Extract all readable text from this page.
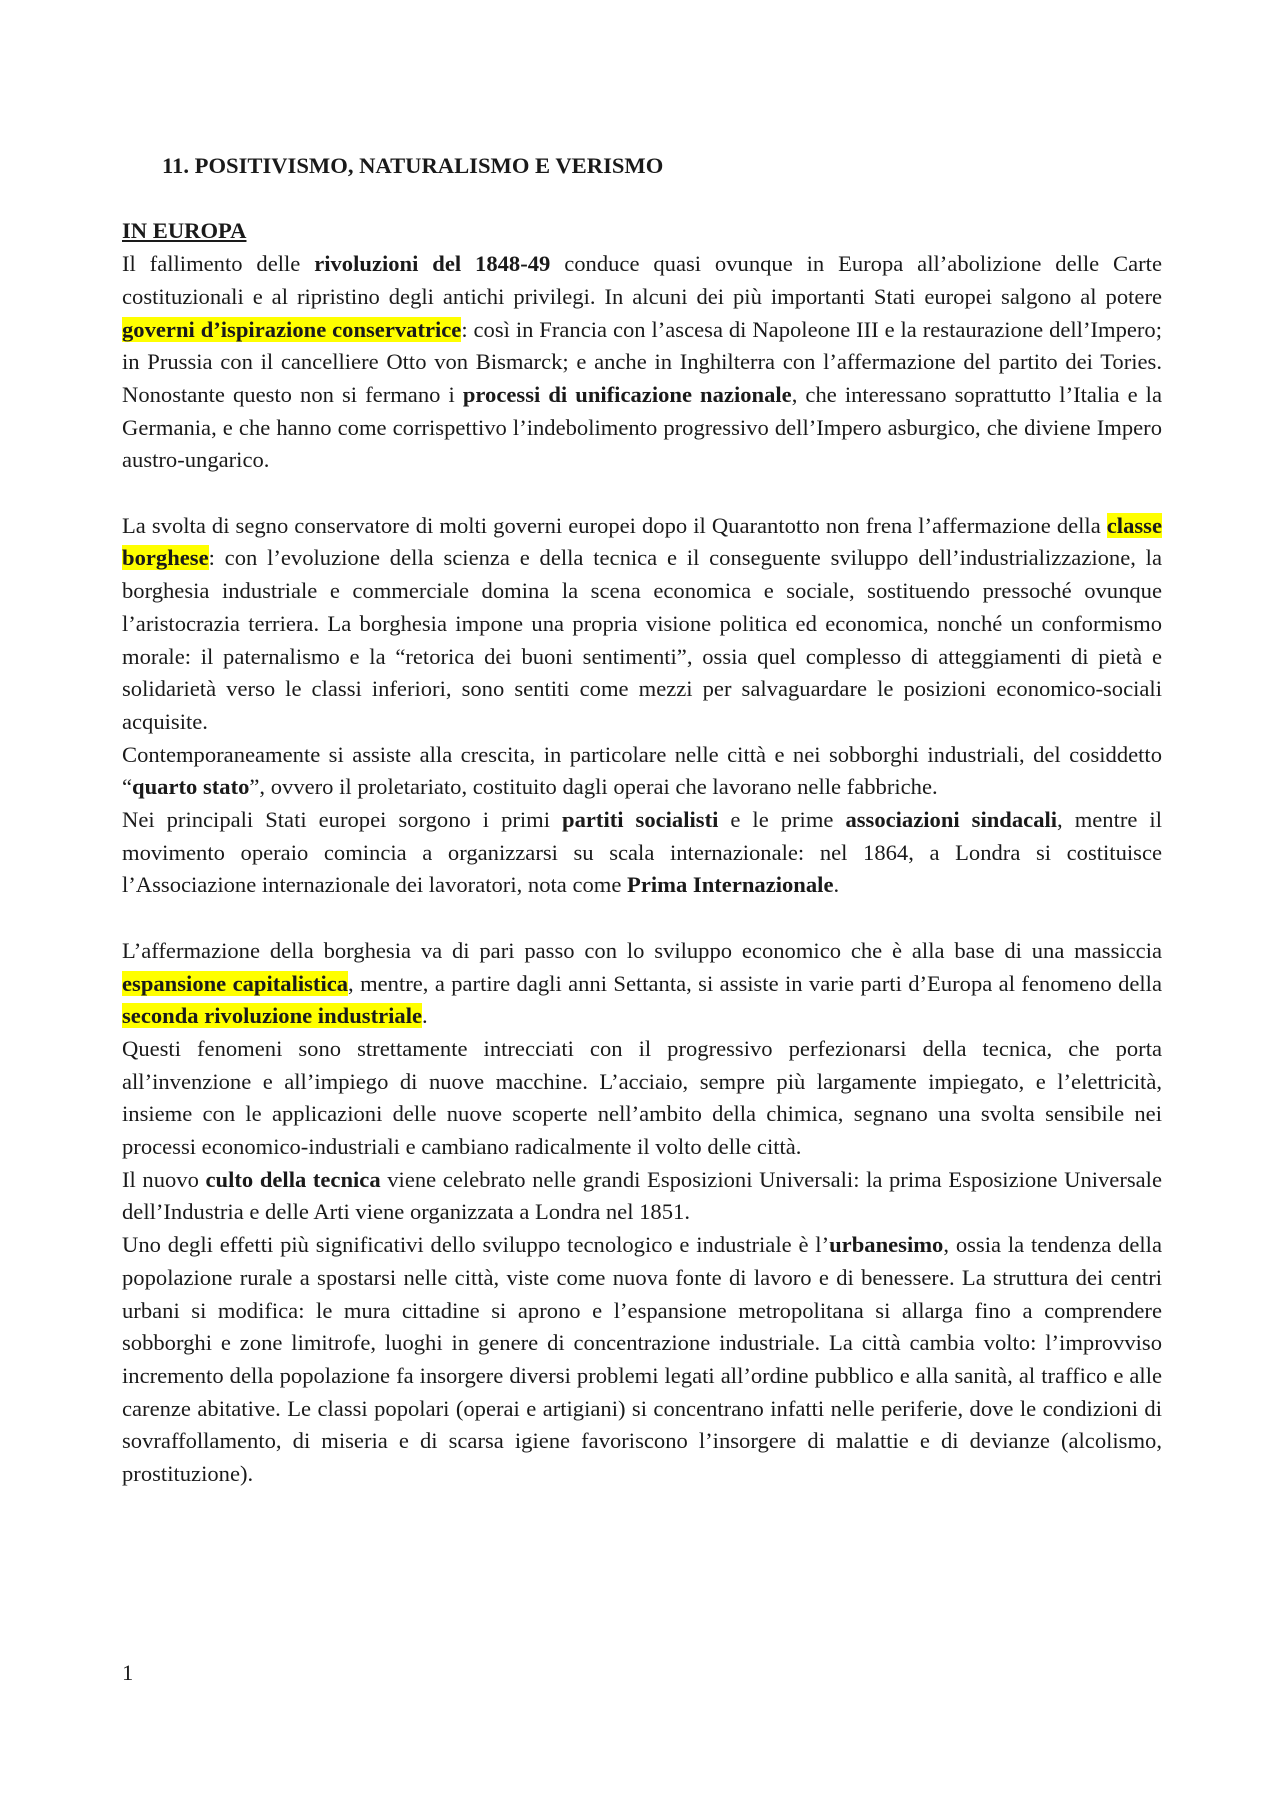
11. POSITIVISMO, NATURALISMO E VERISMO
IN EUROPA

Il fallimento delle rivoluzioni del 1848-49 conduce quasi ovunque in Europa all’abolizione delle Carte costituzionali e al ripristino degli antichi privilegi. In alcuni dei più importanti Stati europei salgono al potere governi d’ispirazione conservatrice: così in Francia con l’ascesa di Napoleone III e la restaurazione dell’Impero; in Prussia con il cancelliere Otto von Bismarck; e anche in Inghilterra con l’affermazione del partito dei Tories. Nonostante questo non si fermano i processi di unificazione nazionale, che interessano soprattutto l’Italia e la Germania, e che hanno come corrispettivo l’indebolimento progressivo dell’Impero asburgico, che diviene Impero austro-ungarico.

La svolta di segno conservatore di molti governi europei dopo il Quarantotto non frena l’affermazione della classe borghese: con l’evoluzione della scienza e della tecnica e il conseguente sviluppo dell’industrializzazione, la borghesia industriale e commerciale domina la scena economica e sociale, sostituendo pressoché ovunque l’aristocrazia terriera. La borghesia impone una propria visione politica ed economica, nonché un conformismo morale: il paternalismo e la “retorica dei buoni sentimenti”, ossia quel complesso di atteggiamenti di pietà e solidarietà verso le classi inferiori, sono sentiti come mezzi per salvaguardare le posizioni economico-sociali acquisite.

Contemporaneamente si assiste alla crescita, in particolare nelle città e nei sobborghi industriali, del cosiddetto “quarto stato”, ovvero il proletariato, costituito dagli operai che lavorano nelle fabbriche.

Nei principali Stati europei sorgono i primi partiti socialisti e le prime associazioni sindacali, mentre il movimento operaio comincia a organizzarsi su scala internazionale: nel 1864, a Londra si costituisce l’Associazione internazionale dei lavoratori, nota come Prima Internazionale.

L’affermazione della borghesia va di pari passo con lo sviluppo economico che è alla base di una massiccia espansione capitalistica, mentre, a partire dagli anni Settanta, si assiste in varie parti d’Europa al fenomeno della seconda rivoluzione industriale.

Questi fenomeni sono strettamente intrecciati con il progressivo perfezionarsi della tecnica, che porta all’invenzione e all’impiego di nuove macchine. L’acciaio, sempre più largamente impiegato, e l’elettricità, insieme con le applicazioni delle nuove scoperte nell’ambito della chimica, segnano una svolta sensibile nei processi economico-industriali e cambiano radicalmente il volto delle città.

Il nuovo culto della tecnica viene celebrato nelle grandi Esposizioni Universali: la prima Esposizione Universale dell’Industria e delle Arti viene organizzata a Londra nel 1851.

Uno degli effetti più significativi dello sviluppo tecnologico e industriale è l’urbanesimo, ossia la tendenza della popolazione rurale a spostarsi nelle città, viste come nuova fonte di lavoro e di benessere. La struttura dei centri urbani si modifica: le mura cittadine si aprono e l’espansione metropolitana si allarga fino a comprendere sobborghi e zone limitrofe, luoghi in genere di concentrazione industriale. La città cambia volto: l’improvviso incremento della popolazione fa insorgere diversi problemi legati all’ordine pubblico e alla sanità, al traffico e alle carenze abitative. Le classi popolari (operai e artigiani) si concentrano infatti nelle periferie, dove le condizioni di sovraffollamento, di miseria e di scarsa igiene favoriscono l’insorgere di malattie e di devianze (alcolismo, prostituzione).

1
